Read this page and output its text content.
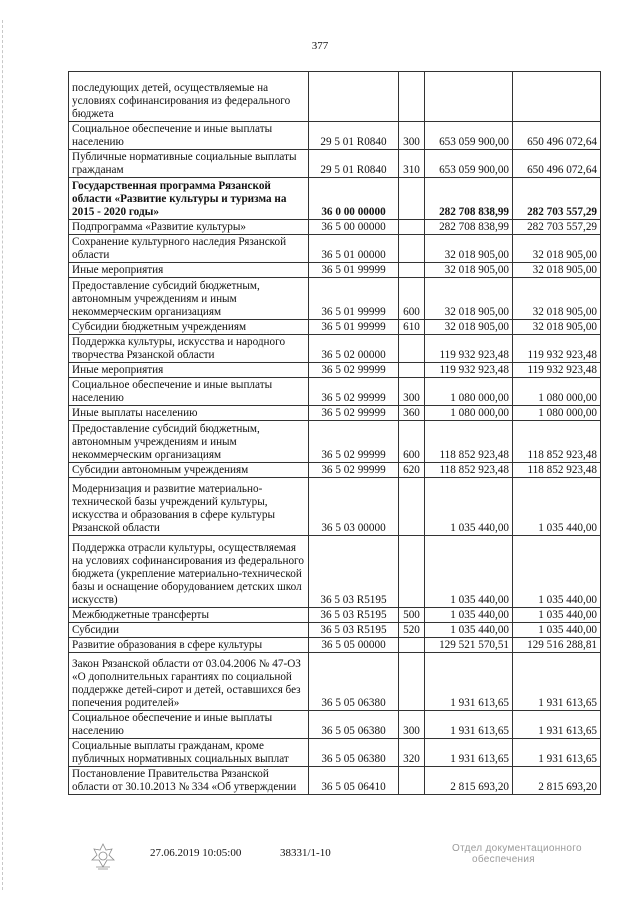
377
последующих детей, осуществляемые на условиях софинансирования из федерального бюджета				
Социальное обеспечение и иные выплаты населению	29 5 01 R0840	300	653 059 900,00	650 496 072,64
Публичные нормативные социальные выплаты гражданам	29 5 01 R0840	310	653 059 900,00	650 496 072,64
Государственная программа Рязанской области «Развитие культуры и туризма на 2015 - 2020 годы»	36 0 00 00000		282 708 838,99	282 703 557,29
Подпрограмма «Развитие культуры»	36 5 00 00000		282 708 838,99	282 703 557,29
Сохранение культурного наследия Рязанской области	36 5 01 00000		32 018 905,00	32 018 905,00
Иные мероприятия	36 5 01 99999		32 018 905,00	32 018 905,00
Предоставление субсидий бюджетным, автономным учреждениям и иным некоммерческим организациям	36 5 01 99999	600	32 018 905,00	32 018 905,00
Субсидии бюджетным учреждениям	36 5 01 99999	610	32 018 905,00	32 018 905,00
Поддержка культуры, искусства и народного творчества Рязанской области	36 5 02 00000		119 932 923,48	119 932 923,48
Иные мероприятия	36 5 02 99999		119 932 923,48	119 932 923,48
Социальное обеспечение и иные выплаты населению	36 5 02 99999	300	1 080 000,00	1 080 000,00
Иные выплаты населению	36 5 02 99999	360	1 080 000,00	1 080 000,00
Предоставление субсидий бюджетным, автономным учреждениям и иным некоммерческим организациям	36 5 02 99999	600	118 852 923,48	118 852 923,48
Субсидии автономным учреждениям	36 5 02 99999	620	118 852 923,48	118 852 923,48
Модернизация и развитие материально-технической базы учреждений культуры, искусства и образования в сфере культуры Рязанской области	36 5 03 00000		1 035 440,00	1 035 440,00
Поддержка отрасли культуры, осуществляемая на условиях софинансирования из федерального бюджета (укрепление материально-технической базы и оснащение оборудованием детских школ искусств)	36 5 03 R5195		1 035 440,00	1 035 440,00
Межбюджетные трансферты	36 5 03 R5195	500	1 035 440,00	1 035 440,00
Субсидии	36 5 03 R5195	520	1 035 440,00	1 035 440,00
Развитие образования в сфере культуры	36 5 05 00000		129 521 570,51	129 516 288,81
Закон Рязанской области от 03.04.2006 № 47-ОЗ «О дополнительных гарантиях по социальной поддержке детей-сирот и детей, оставшихся без попечения родителей»	36 5 05 06380		1 931 613,65	1 931 613,65
Социальное обеспечение и иные выплаты населению	36 5 05 06380	300	1 931 613,65	1 931 613,65
Социальные выплаты гражданам, кроме публичных нормативных социальных выплат	36 5 05 06380	320	1 931 613,65	1 931 613,65
Постановление Правительства Рязанской области от 30.10.2013 № 334 «Об утверждении	36 5 05 06410		2 815 693,20	2 815 693,20
27.06.2019 10:05:00	38331/1-10	Отдел документационного
обеспечения
